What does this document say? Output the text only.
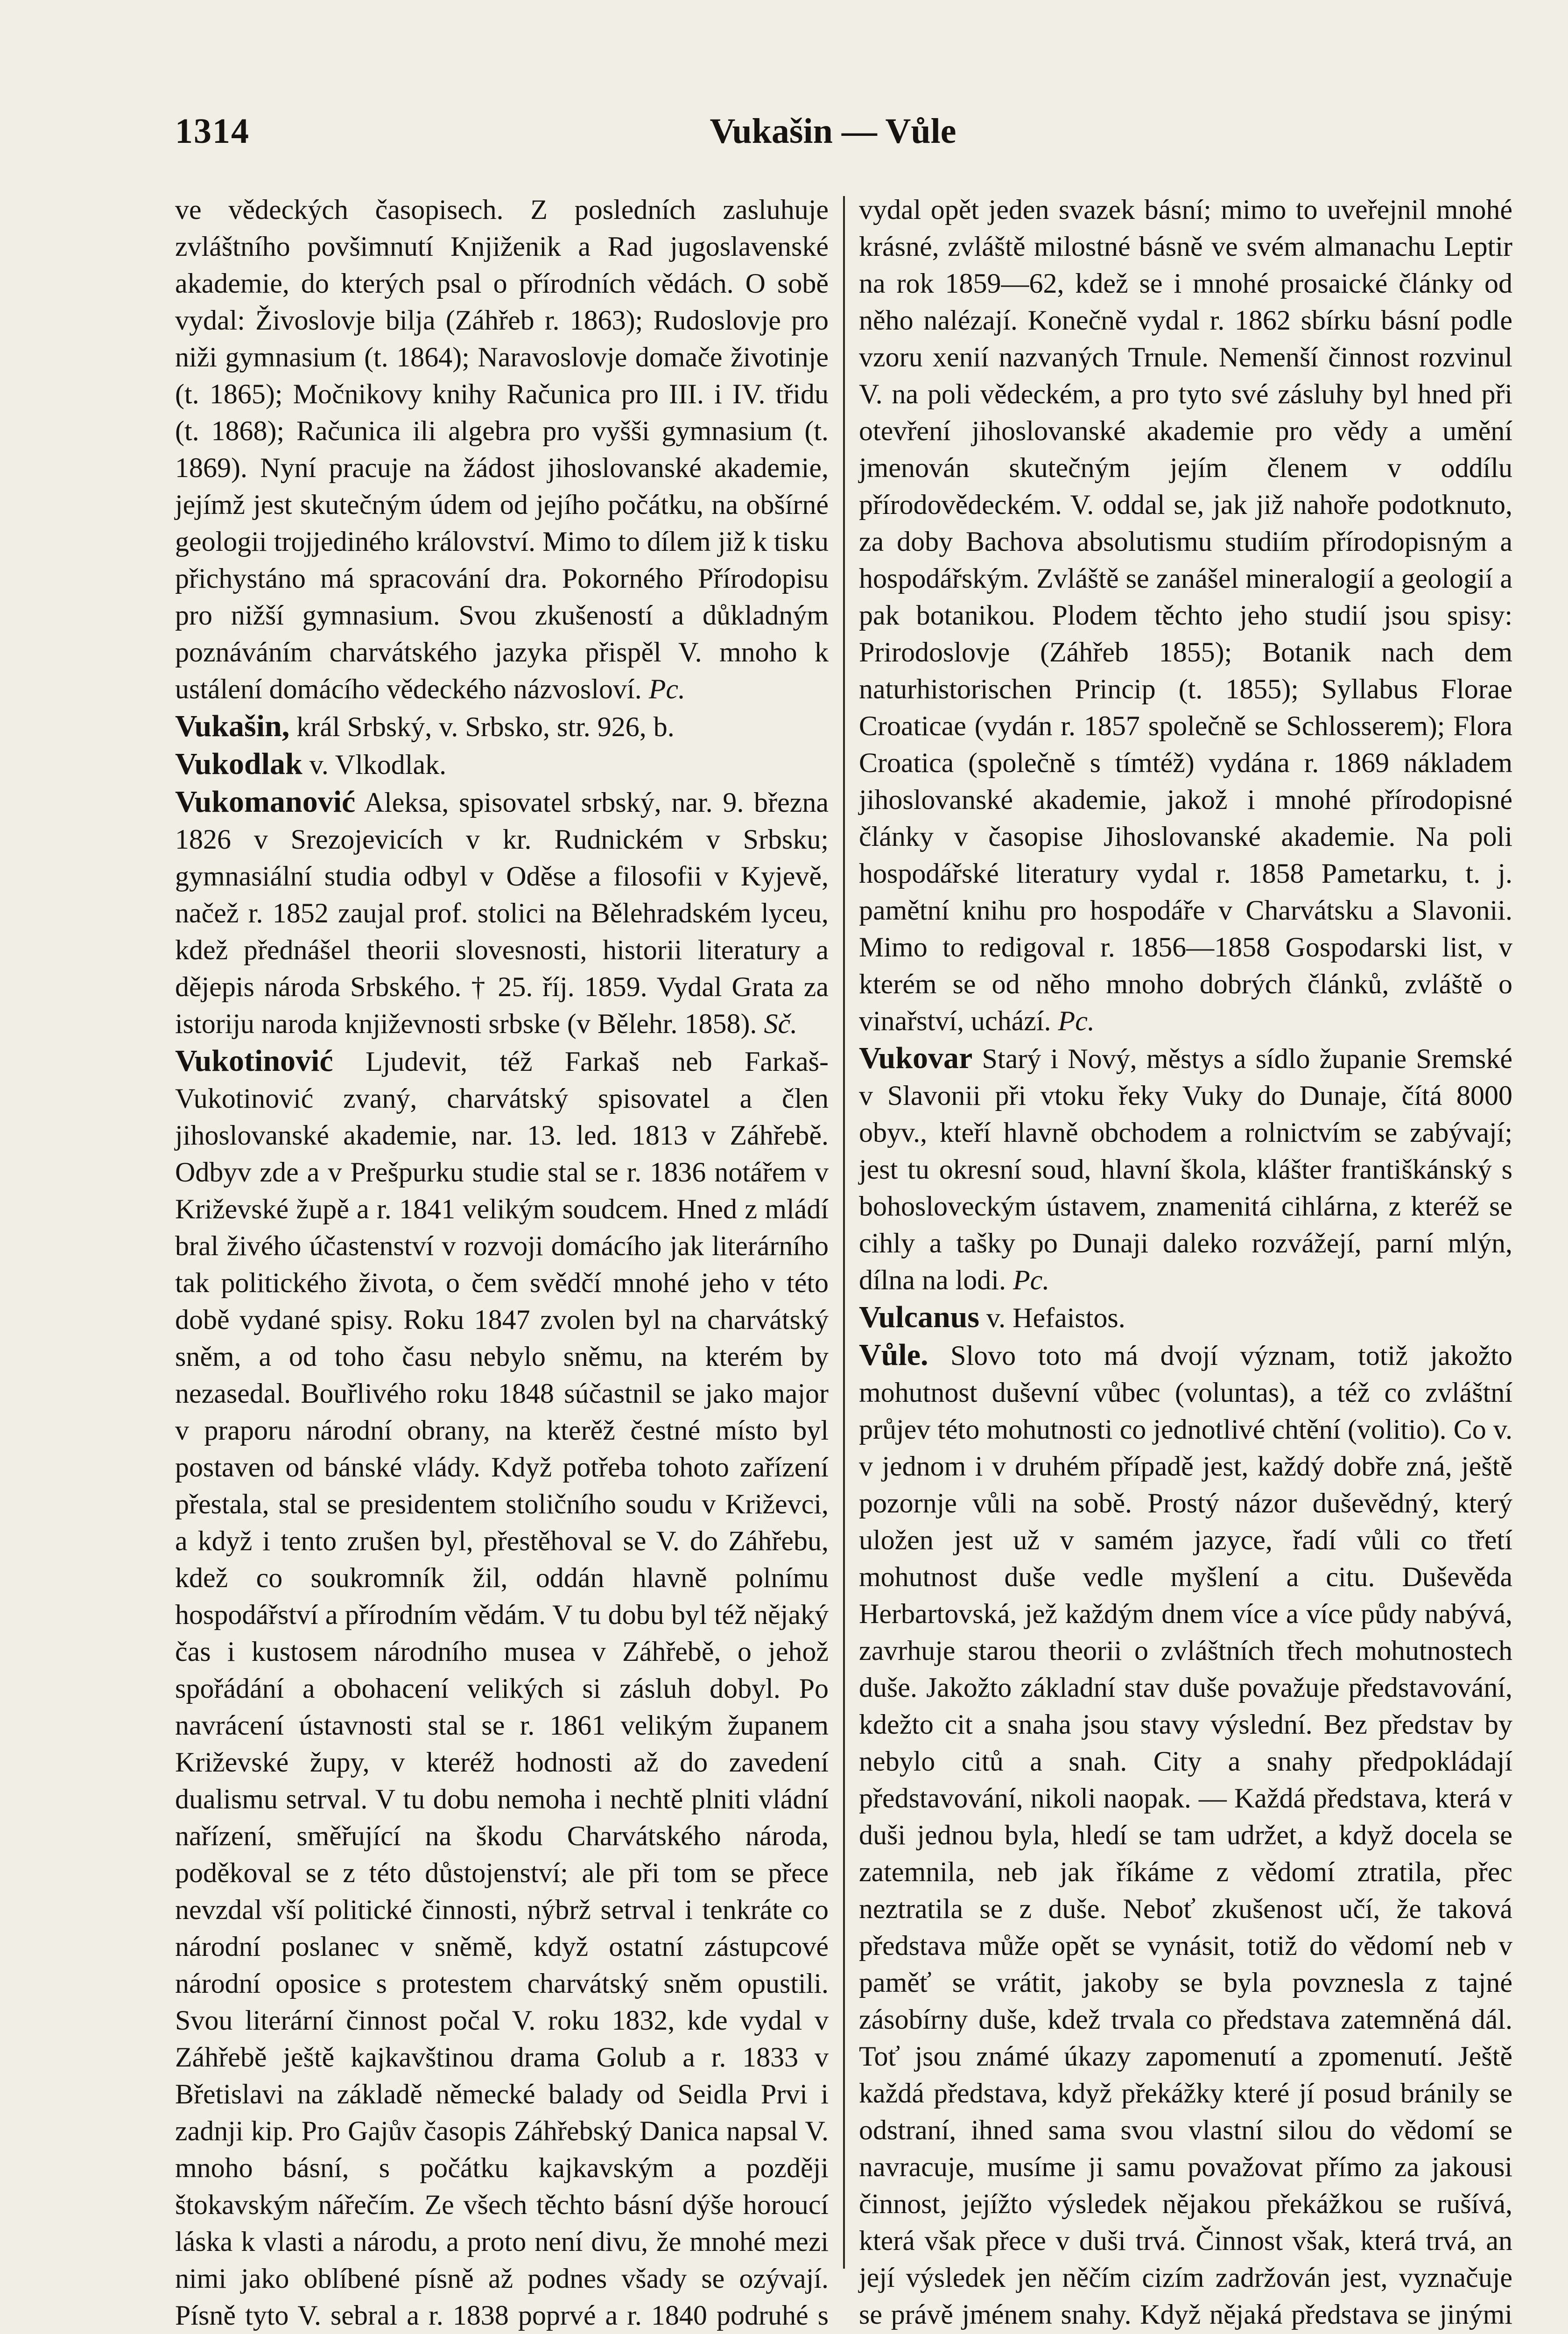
1314	Vukašin — Vůle

ve vědeckých časopisech. Z posledních zasluhuje zvláštního povšimnutí Knjiženik a Rad jugoslavenské akademie, do kterých psal o přírodních vědách. O sobě vydal: Živoslovje bilja (Záhřeb r. 1863); Rudoslovje pro niži gymnasium (t. 1864); Naravoslovje domače životinje (t. 1865); Močnikovy knihy Računica pro III. i IV. třidu (t. 1868); Računica ili algebra pro vyšši gymnasium (t. 1869). Nyní pracuje na žádost jihoslovanské akademie, jejímž jest skutečným údem od jejího počátku, na obšírné geologii trojjediného království. Mimo to dílem již k tisku přichystáno má spracování dra. Pokorného Přírodopisu pro nižší gymnasium. Svou zkušeností a důkladným poznáváním charvátského jazyka přispěl V. mnoho k ustálení domácího vědeckého názvosloví. Pc.

Vukašin, král Srbský, v. Srbsko, str. 926, b.

Vukodlak v. Vlkodlak.

Vukomanović Aleksa, spisovatel srbský, nar. 9. března 1826 v Srezojevicích v kr. Rudnickém v Srbsku; gymnasiální studia odbyl v Oděse a filosofii v Kyjevě, načež r. 1852 zaujal prof. stolici na Bělehradském lyceu, kdež přednášel theorii slovesnosti, historii literatury a dějepis národa Srbského. † 25. říj. 1859. Vydal Grata za istoriju naroda književnosti srbske (v Bělehr. 1858). Sč.

Vukotinović Ljudevit, též Farkaš neb Farkaš-Vukotinović zvaný, charvátský spisovatel a člen jihoslovanské akademie, nar. 13. led. 1813 v Záhřebě. Odbyv zde a v Prešpurku studie stal se r. 1836 notářem v Križevské župě a r. 1841 velikým soudcem. Hned z mládí bral živého účastenství v rozvoji domácího jak literárního tak politického života, o čem svědčí mnohé jeho v této době vydané spisy. Roku 1847 zvolen byl na charvátský sněm, a od toho času nebylo sněmu, na kterém by nezasedal. Bouřlivého roku 1848 súčastnil se jako major v praporu národní obrany, na kterěž čestné místo byl postaven od bánské vlády. Když potřeba tohoto zařízení přestala, stal se presidentem stoličního soudu v Križevci, a když i tento zrušen byl, přestěhoval se V. do Záhřebu, kdež co soukromník žil, oddán hlavně polnímu hospodářství a přírodním vědám. V tu dobu byl též nějaký čas i kustosem národního musea v Záhřebě, o jehož spořádání a obohacení velikých si zásluh dobyl. Po navrácení ústavnosti stal se r. 1861 velikým županem Križevské župy, v kteréž hodnosti až do zavedení dualismu setrval. V tu dobu nemoha i nechtě plniti vládní nařízení, směřující na škodu Charvátského národa, poděkoval se z této důstojenství; ale při tom se přece nevzdal vší politické činnosti, nýbrž setrval i tenkráte co národní poslanec v sněmě, když ostatní zástupcové národní oposice s protestem charvátský sněm opustili. Svou literární činnost počal V. roku 1832, kde vydal v Záhřebě ještě kajkavštinou drama Golub a r. 1833 v Břetislavi na základě německé balady od Seidla Prvi i zadnji kip. Pro Gajův časopis Záhřebský Danica napsal V. mnoho básní, s počátku kajkavským a později štokavským nářečím. Ze všech těchto básní dýše horoucí láska k vlasti a národu, a proto není divu, že mnohé mezi nimi jako oblíbené písně až podnes všady se ozývají. Písně tyto V. sebral a r. 1838 poprvé a r. 1840 podruhé s

vydal opět jeden svazek básní; mimo to uveřejnil mnohé krásné, zvláště milostné básně ve svém almanachu Leptir na rok 1859—62, kdež se i mnohé prosaické články od něho nalézají. Konečně vydal r. 1862 sbírku básní podle vzoru xenií nazvaných Trnule. Nemenší činnost rozvinul V. na poli vědeckém, a pro tyto své zásluhy byl hned při otevření jihoslovanské akademie pro vědy a umění jmenován skutečným jejím členem v oddílu přírodovědeckém. V. oddal se, jak již nahoře podotknuto, za doby Bachova absolutismu studiím přírodopisným a hospodářským. Zvláště se zanášel mineralogií a geologií a pak botanikou. Plodem těchto jeho studií jsou spisy: Prirodoslovje (Záhřeb 1855); Botanik nach dem naturhistorischen Princip (t. 1855); Syllabus Florae Croaticae (vydán r. 1857 společně se Schlosserem); Flora Croatica (společně s tímtéž) vydána r. 1869 nákladem jihoslovanské akademie, jakož i mnohé přírodopisné články v časopise Jihoslovanské akademie. Na poli hospodářské literatury vydal r. 1858 Pametarku, t. j. pamětní knihu pro hospodáře v Charvátsku a Slavonii. Mimo to redigoval r. 1856—1858 Gospodarski list, v kterém se od něho mnoho dobrých článků, zvláště o vinařství, uchází. Pc.

Vukovar Starý i Nový, městys a sídlo županie Sremské v Slavonii při vtoku řeky Vuky do Dunaje, čítá 8000 obyv., kteří hlavně obchodem a rolnictvím se zabývají; jest tu okresní soud, hlavní škola, klášter františkánský s bohosloveckým ústavem, znamenitá cihlárna, z kteréž se cihly a tašky po Dunaji daleko rozvážejí, parní mlýn, dílna na lodi. Pc.

Vulcanus v. Hefaistos.

Vůle. Slovo toto má dvojí význam, totiž jakožto mohutnost duševní vůbec (voluntas), a též co zvláštní průjev této mohutnosti co jednotlivé chtění (volitio). Co v. v jednom i v druhém případě jest, každý dobře zná, ještě pozornje vůli na sobě. Prostý názor duševědný, který uložen jest už v samém jazyce, řadí vůli co třetí mohutnost duše vedle myšlení a citu. Duševěda Herbartovská, jež každým dnem více a více půdy nabývá, zavrhuje starou theorii o zvláštních třech mohutnostech duše. Jakožto základní stav duše považuje představování, kdežto cit a snaha jsou stavy výslední. Bez představ by nebylo citů a snah. City a snahy předpokládají představování, nikoli naopak. — Každá představa, která v duši jednou byla, hledí se tam udržet, a když docela se zatemnila, neb jak říkáme z vědomí ztratila, přec neztratila se z duše. Neboť zkušenost učí, že taková představa může opět se vynásit, totiž do vědomí neb v paměť se vrátit, jakoby se byla povznesla z tajné zásobírny duše, kdež trvala co představa zatemněná dál. Toť jsou známé úkazy zapomenutí a zpomenutí. Ještě každá představa, když překážky které jí posud bránily se odstraní, ihned sama svou vlastní silou do vědomí se navracuje, musíme ji samu považovat přímo za jakousi činnost, jejížto výsledek nějakou překážkou se rušívá, která však přece v duši trvá. Činnost však, která trvá, an její výsledek jen něčím cizím zadržován jest, vyznačuje se právě jménem snahy. Když nějaká představa se jinými
